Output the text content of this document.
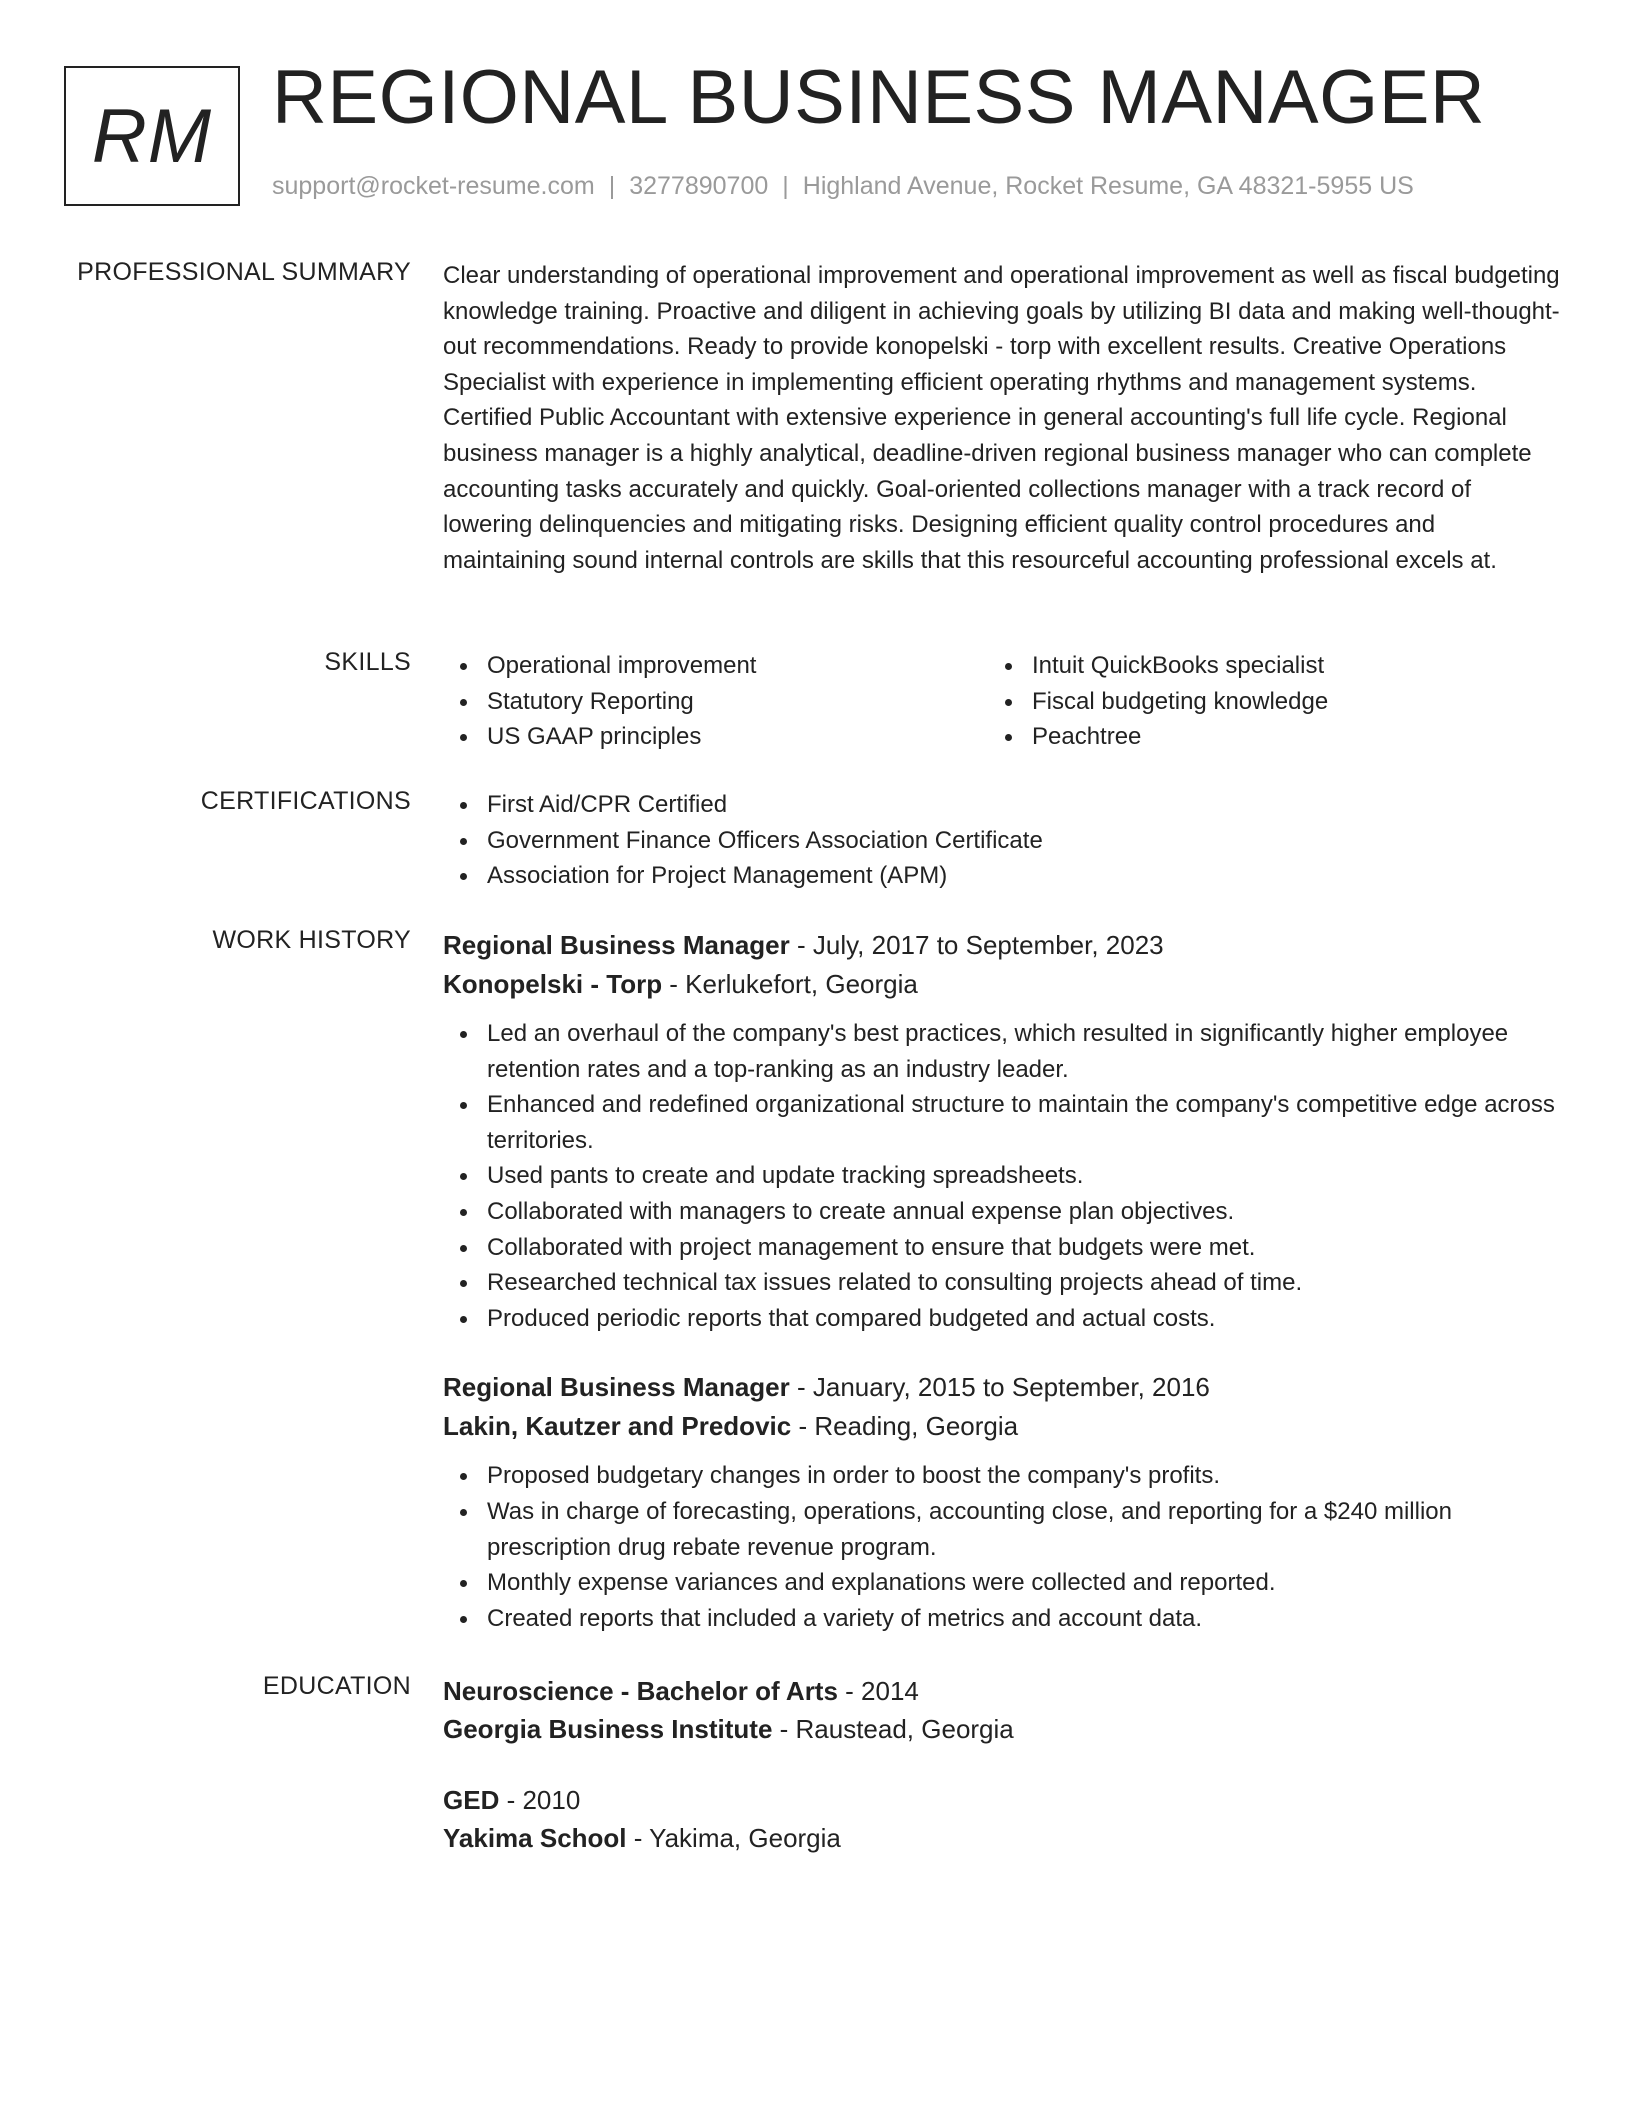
RM REGIONAL BUSINESS MANAGER
support@rocket-resume.com | 3277890700 | Highland Avenue, Rocket Resume, GA 48321-5955 US
PROFESSIONAL SUMMARY Clear understanding of operational improvement and operational improvement as well as fiscal budgeting knowledge training. Proactive and diligent in achieving goals by utilizing BI data and making well-thought-out recommendations. Ready to provide konopelski - torp with excellent results. Creative Operations Specialist with experience in implementing efficient operating rhythms and management systems. Certified Public Accountant with extensive experience in general accounting's full life cycle. Regional business manager is a highly analytical, deadline-driven regional business manager who can complete accounting tasks accurately and quickly. Goal-oriented collections manager with a track record of lowering delinquencies and mitigating risks. Designing efficient quality control procedures and maintaining sound internal controls are skills that this resourceful accounting professional excels at.

SKILLS	Operational improvement
Statutory Reporting
US GAAP principles
Intuit QuickBooks specialist
Fiscal budgeting knowledge
Peachtree
CERTIFICATIONS	First Aid/CPR Certified
Government Finance Officers Association Certificate
Association for Project Management (APM)
WORK HISTORY Regional Business Manager - July, 2017 to September, 2023
Konopelski - Torp - Kerlukefort, Georgia
Led an overhaul of the company's best practices, which resulted in significantly higher employee retention rates and a top-ranking as an industry leader.
Enhanced and redefined organizational structure to maintain the company's competitive edge across territories.
Used pants to create and update tracking spreadsheets.
Collaborated with managers to create annual expense plan objectives.
Collaborated with project management to ensure that budgets were met.
Researched technical tax issues related to consulting projects ahead of time.
Produced periodic reports that compared budgeted and actual costs.
Regional Business Manager - January, 2015 to September, 2016
Lakin, Kautzer and Predovic - Reading, Georgia
Proposed budgetary changes in order to boost the company's profits.
Was in charge of forecasting, operations, accounting close, and reporting for a $240 million prescription drug rebate revenue program.
Monthly expense variances and explanations were collected and reported.
Created reports that included a variety of metrics and account data.
EDUCATION Neuroscience - Bachelor of Arts - 2014
Georgia Business Institute - Raustead, Georgia
GED - 2010
Yakima School - Yakima, Georgia
